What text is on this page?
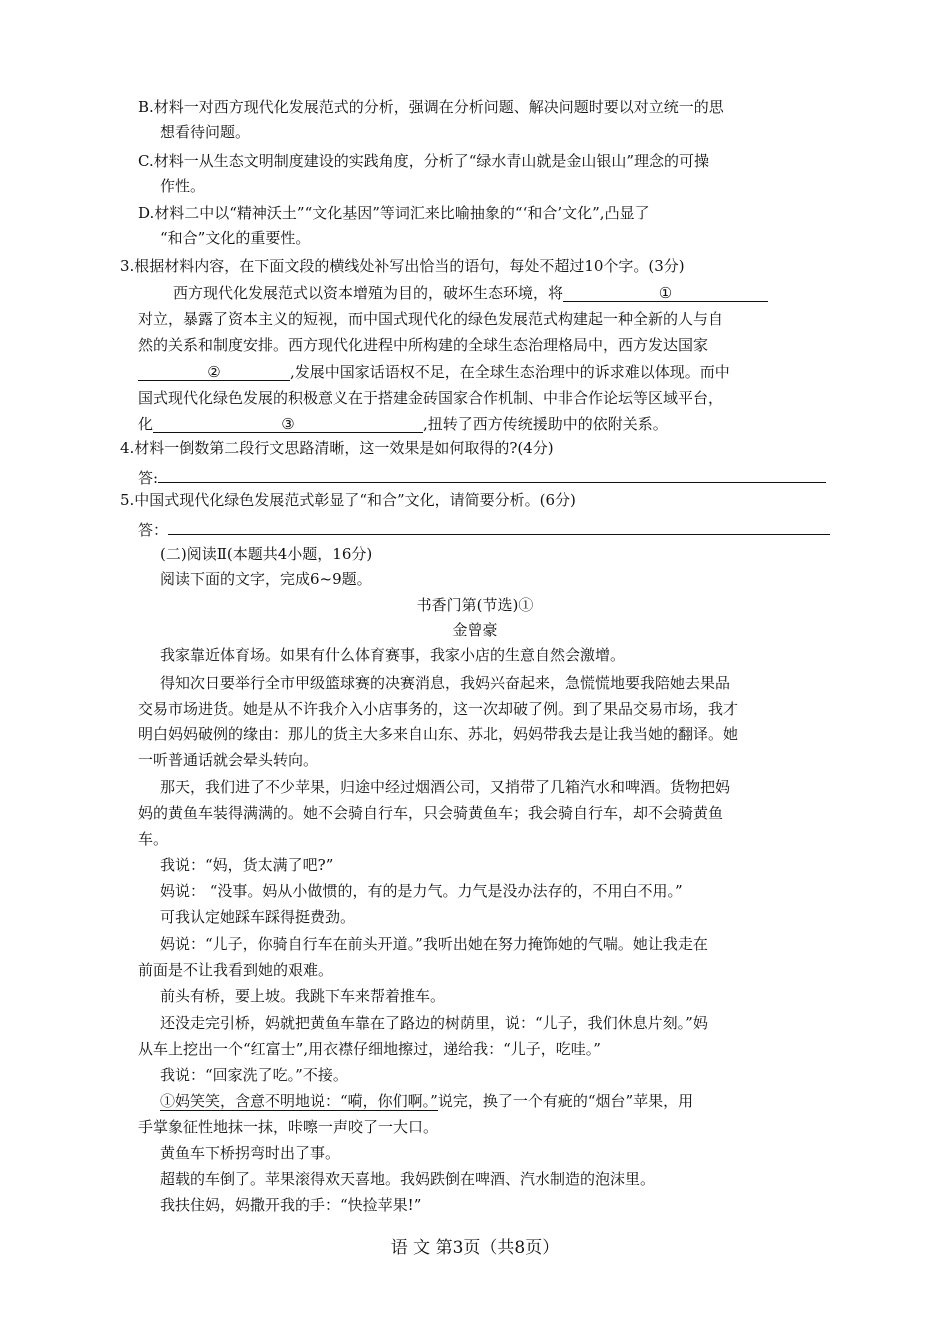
B.材料一对西方现代化发展范式的分析，强调在分析问题、解决问题时要以对立统一的思
想看待问题。
C.材料一从生态文明制度建设的实践角度，分析了“绿水青山就是金山银山”理念的可操
作性。
D.材料二中以“精神沃土”“文化基因”等词汇来比喻抽象的“‘和合’文化”,凸显了
“和合”文化的重要性。
3.根据材料内容，在下面文段的横线处补写出恰当的语句，每处不超过10个字。(3分)
西方现代化发展范式以资本增殖为目的，破坏生态环境，将	①
对立，暴露了资本主义的短视，而中国式现代化的绿色发展范式构建起一种全新的人与自
然的关系和制度安排。西方现代化进程中所构建的全球生态治理格局中，西方发达国家
②	,发展中国家话语权不足，在全球生态治理中的诉求难以体现。而中
国式现代化绿色发展的积极意义在于搭建金砖国家合作机制、中非合作论坛等区域平台，
化	③	,扭转了西方传统援助中的依附关系。
4.材料一倒数第二段行文思路清晰，这一效果是如何取得的?(4分)
答:
5.中国式现代化绿色发展范式彰显了“和合”文化，请简要分析。(6分)
答：
(二)阅读Ⅱ(本题共4小题，16分)
阅读下面的文字，完成6~9题。
书香门第(节选)①
金曾豪
我家靠近体育场。如果有什么体育赛事，我家小店的生意自然会激增。
得知次日要举行全市甲级篮球赛的决赛消息，我妈兴奋起来，急慌慌地要我陪她去果品
交易市场进货。她是从不许我介入小店事务的，这一次却破了例。到了果品交易市场，我才
明白妈妈破例的缘由：那儿的货主大多来自山东、苏北，妈妈带我去是让我当她的翻译。她
一听普通话就会晕头转向。
那天，我们进了不少苹果，归途中经过烟酒公司，又捎带了几箱汽水和啤酒。货物把妈
妈的黄鱼车装得满满的。她不会骑自行车，只会骑黄鱼车；我会骑自行车，却不会骑黄鱼
车。
我说：“妈，货太满了吧?”
妈说： “没事。妈从小做惯的，有的是力气。力气是没办法存的，不用白不用。”
可我认定她踩车踩得挺费劲。
妈说：“儿子，你骑自行车在前头开道。”我听出她在努力掩饰她的气喘。她让我走在
前面是不让我看到她的艰难。
前头有桥，要上坡。我跳下车来帮着推车。
还没走完引桥，妈就把黄鱼车靠在了路边的树荫里，说：“儿子，我们休息片刻。”妈
从车上挖出一个“红富士”,用衣襟仔细地擦过，递给我：“儿子，吃哇。”
我说：“回家洗了吃。”不接。
①妈笑笑，含意不明地说：“嗬，你们啊。”说完，换了一个有疵的“烟台”苹果，用
手掌象征性地抹一抹，咔嚓一声咬了一大口。
黄鱼车下桥拐弯时出了事。
超载的车倒了。苹果滚得欢天喜地。我妈跌倒在啤酒、汽水制造的泡沫里。
我扶住妈，妈撒开我的手：“快捡苹果!”
语 文 第3页（共8页）
